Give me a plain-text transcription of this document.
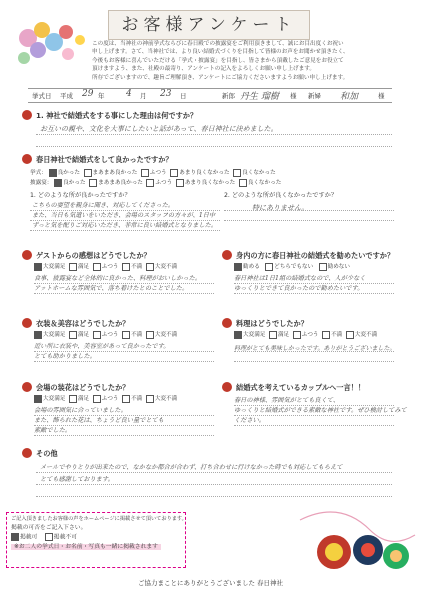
お客様アンケート
この度は、当神社の神前挙式ならびに春日殿での披露宴をご利用頂きまして、誠にお目出度くお祝い
申し上げます。さて、当神社では、より良い結婚式づくりを目指して皆様のお声をお聞かせ頂きたく、
今後もお客様に喜んでいただける「挙式・披露宴」を目指し、皆さまから頂戴したご意見をお役立て
頂けますよう、また、社殿の最寄り、アンケートの記入をよろしくお願い申し上げます。
所存でございますので、趣旨ご理解頂き、アンケートにご協力くださいますようお願い申し上げます。
挙式日 平成 29 年 4 月 23 日	新郎 丹生 瑠樹 様 新婦 和加	様
1. 神社で結婚式をする事にした理由は何ですか？
お互いの親や、文化を大事にしたいと話があって、春日神社に決めました。
春日神社で結婚式をして良かったですか？
挙式： 良かった まあまあ良かった ふつう あまり良くなかった 良くなかった
披露宴： 良かった まあまあ良かった ふつう あまり良くなかった 良くなかった
1. どのような所が良かったですか？
こちらの要望を親身に聞き、対応してくださった。
また、当日も気遣いをいただき、会場のスタッフの方々が、1日中
ずっと気を配りご対応いただき、非常に良い結婚式となりました。
2. どのような所が良くなかったですか？
特にありません。
ゲストからの感想はどうでしたか？
大変満足 満足 ふつう 不満 大変不満
食事、披露宴など全体的に良かった、料理がおいしかった。
アットホームな雰囲気で、落ち着けたとのことでした。
身内の方に春日神社の結婚式を勧めたいですか？
勧める	どちらでもない	勧めない
春日神社は1日1組の結婚式なので、人が少なく
ゆっくりとできて良かったので勧めたいです。
衣装＆美容はどうでしたか？
大変満足 満足 ふつう 不満 大変不満
近い所に衣装や、美容室があって良かったです。
とても助かりました。
料理はどうでしたか？
大変満足 満足 ふつう 不満 大変不満
料理がとても美味しかったです。ありがとうございました。
会場の装花はどうでしたか？
大変満足 満足 ふつう 不満 大変不満
会場の雰囲気に合っていました。
また、飾られた花は、ちょうど良い量でとても
素敵でした。
結婚式を考えているカップルへ一言！！
春日の神様、雰囲気がとても良くて、
ゆっくりと結婚式ができる素敵な神社です。ぜひ検討してみて
ください。
その他
メールでやりとりが出来たので、なかなか都合が合わず、打ち合わせに行けなかった時でも対応してもらえて
とても感謝しております。
ご記入頂きましたお客様の声をホームページに掲載させて頂いております。
掲載の可否をご記入下さい。
掲載可	掲載不可
※お二人の挙式日・お名前・写真も一緒に掲載されます
ご協力まことにありがとうございました 春日神社
